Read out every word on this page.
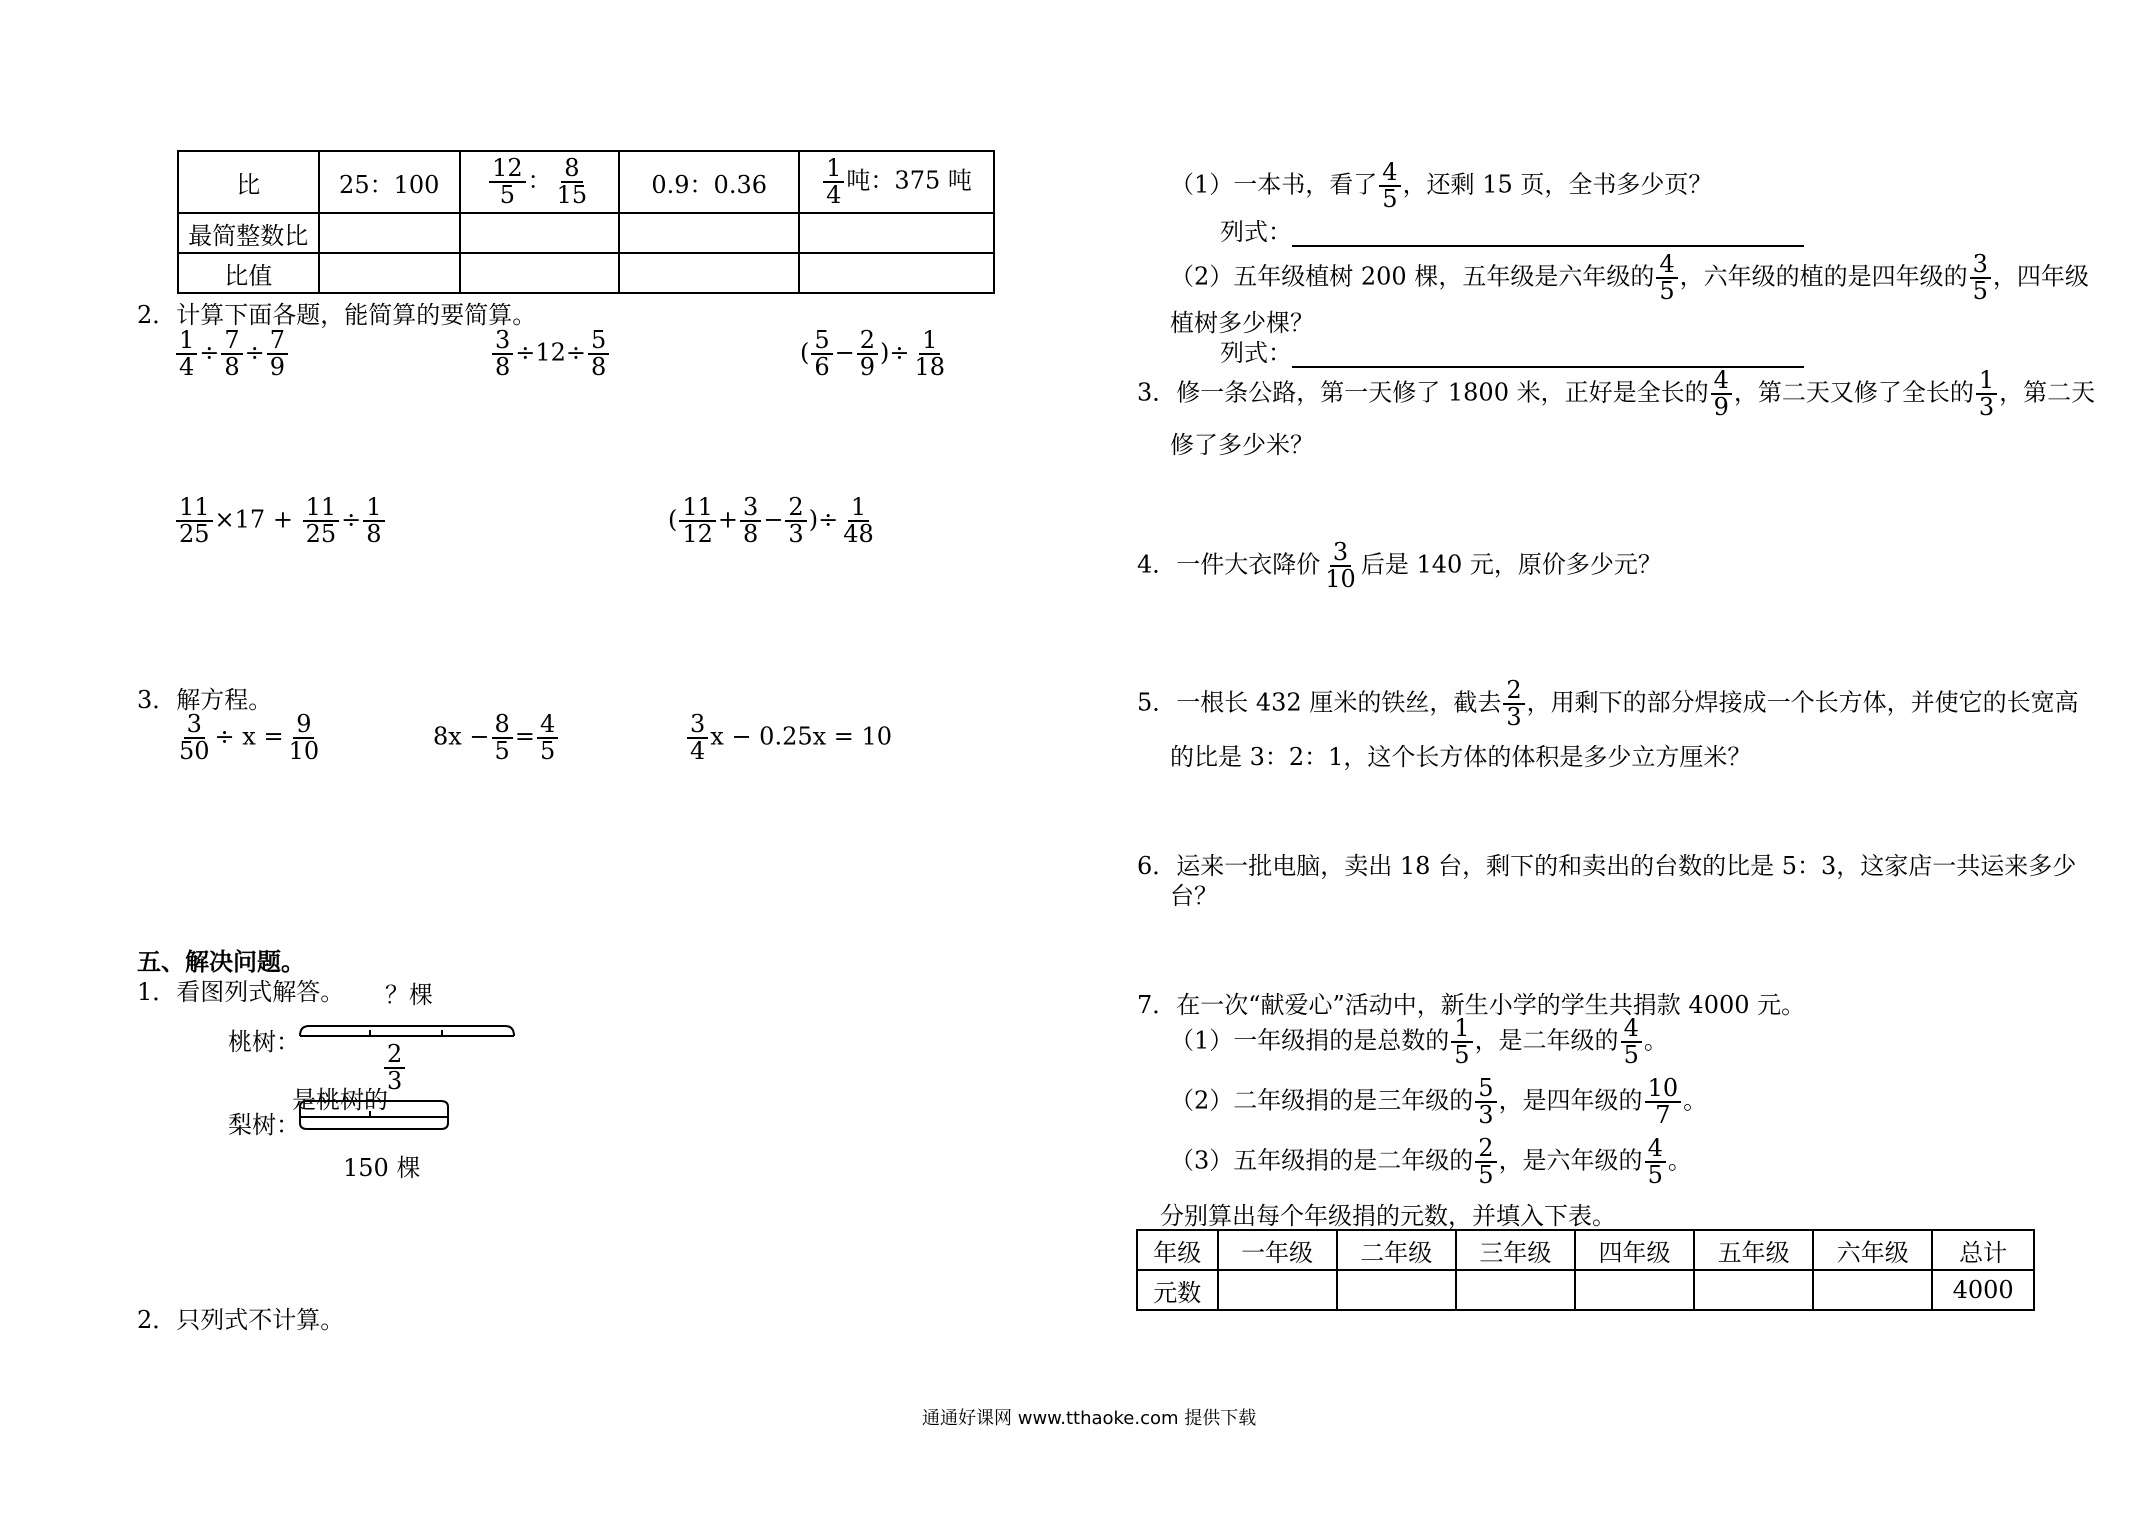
比	25：100	$\frac{12}{5}$ ： $\frac{8}{15}$	0.9：0.36	$\frac{1}{4}$ 吨：375 吨
最简整数比				
比值				
2．计算下面各题，能简算的要简算。
$\frac{1}{4} \div \frac{7}{8} \div \frac{7}{9}$	$\frac{3}{8} \div 12\div \frac{5}{8}$	( $\frac{5}{6} - \frac{2}{9}$ )÷ $\frac{1}{18}$
$\frac{11}{25} \times 17 + \frac{11}{25} \div \frac{1}{8}$	( $\frac{11}{12} + \frac{3}{8} - \frac{2}{3}$ )÷ $\frac{1}{48}$
3．解方程。
$\frac{3}{50} \div x = \frac{9}{10}$	$8x - \frac{8}{5} = \frac{4}{5}$	$\frac{3}{4}$ x − 0.25x = 10
五、解决问题。
1．看图列式解答。 ？棵
桃树：	$\frac{2}{3}$
是桃树的
梨树：
150 棵
2．只列式不计算。
（1）一本书，看了 $\frac{4}{5}$ ，还剩 15 页，全书多少页？
列式：
（2）五年级植树 200 棵，五年级是六年级的 $\frac{4}{5}$ ，六年级的植的是四年级的 $\frac{3}{5}$ ，四年级
植树多少棵？
列式：
3．修一条公路，第一天修了 1800 米，正好是全长的 $\frac{4}{9}$ ，第二天又修了全长的 $\frac{1}{3}$ ，第二天
修了多少米？
4．一件大衣降价 $\frac{3}{10}$ 后是 140 元，原价多少元？
5．一根长 432 厘米的铁丝，截去 $\frac{2}{3}$ ，用剩下的部分焊接成一个长方体，并使它的长宽高
的比是 3：2：1，这个长方体的体积是多少立方厘米？
6．运来一批电脑，卖出 18 台，剩下的和卖出的台数的比是 5：3，这家店一共运来多少
台？
7．在一次“献爱心”活动中，新生小学的学生共捐款 4000 元。
（1）一年级捐的是总数的 $\frac{1}{5}$ ，是二年级的 $\frac{4}{5}$ 。
（2）二年级捐的是三年级的 $\frac{5}{3}$ ，是四年级的 $\frac{10}{7}$ 。
（3）五年级捐的是二年级的 $\frac{2}{5}$ ，是六年级的 $\frac{4}{5}$ 。
分别算出每个年级捐的元数，并填入下表。
年级	一年级	二年级	三年级	四年级	五年级	六年级	总计
元数							4000
通通好课网 www.tthaoke.com 提供下载
